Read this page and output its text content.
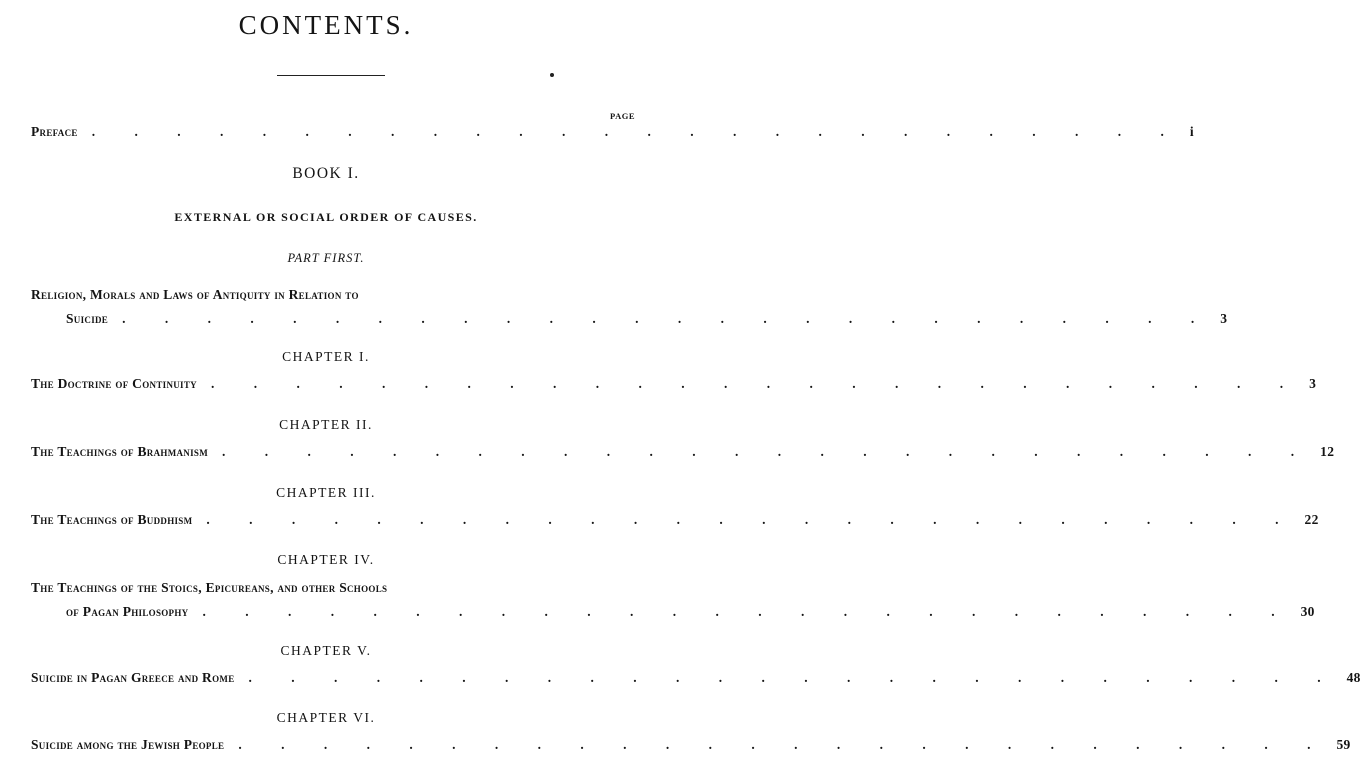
CONTENTS.
PAGE
Preface	. . . . . . . . . . . . . . . . . . . . . . . . . . i
BOOK I.
EXTERNAL OR SOCIAL ORDER OF CAUSES.
PART FIRST.
Religion, Morals and Laws of Antiquity in Relation to
Suicide	. . . . . . . . . . . . . . . . . . . . . . . . . . 3
CHAPTER I.
The Doctrine of Continuity	. . . . . . . . . . . . . . . . . . . . . . . . . . 3
CHAPTER II.
The Teachings of Brahmanism	. . . . . . . . . . . . . . . . . . . . . . . . . . 12
CHAPTER III.
The Teachings of Buddhism	. . . . . . . . . . . . . . . . . . . . . . . . . . 22
CHAPTER IV.
The Teachings of the Stoics, Epicureans, and other Schools
of Pagan Philosophy	. . . . . . . . . . . . . . . . . . . . . . . . . . 30
CHAPTER V.
Suicide in Pagan Greece and Rome	. . . . . . . . . . . . . . . . . . . . . . . . . . 48
CHAPTER VI.
Suicide among the Jewish People	. . . . . . . . . . . . . . . . . . . . . . . . . . 59
